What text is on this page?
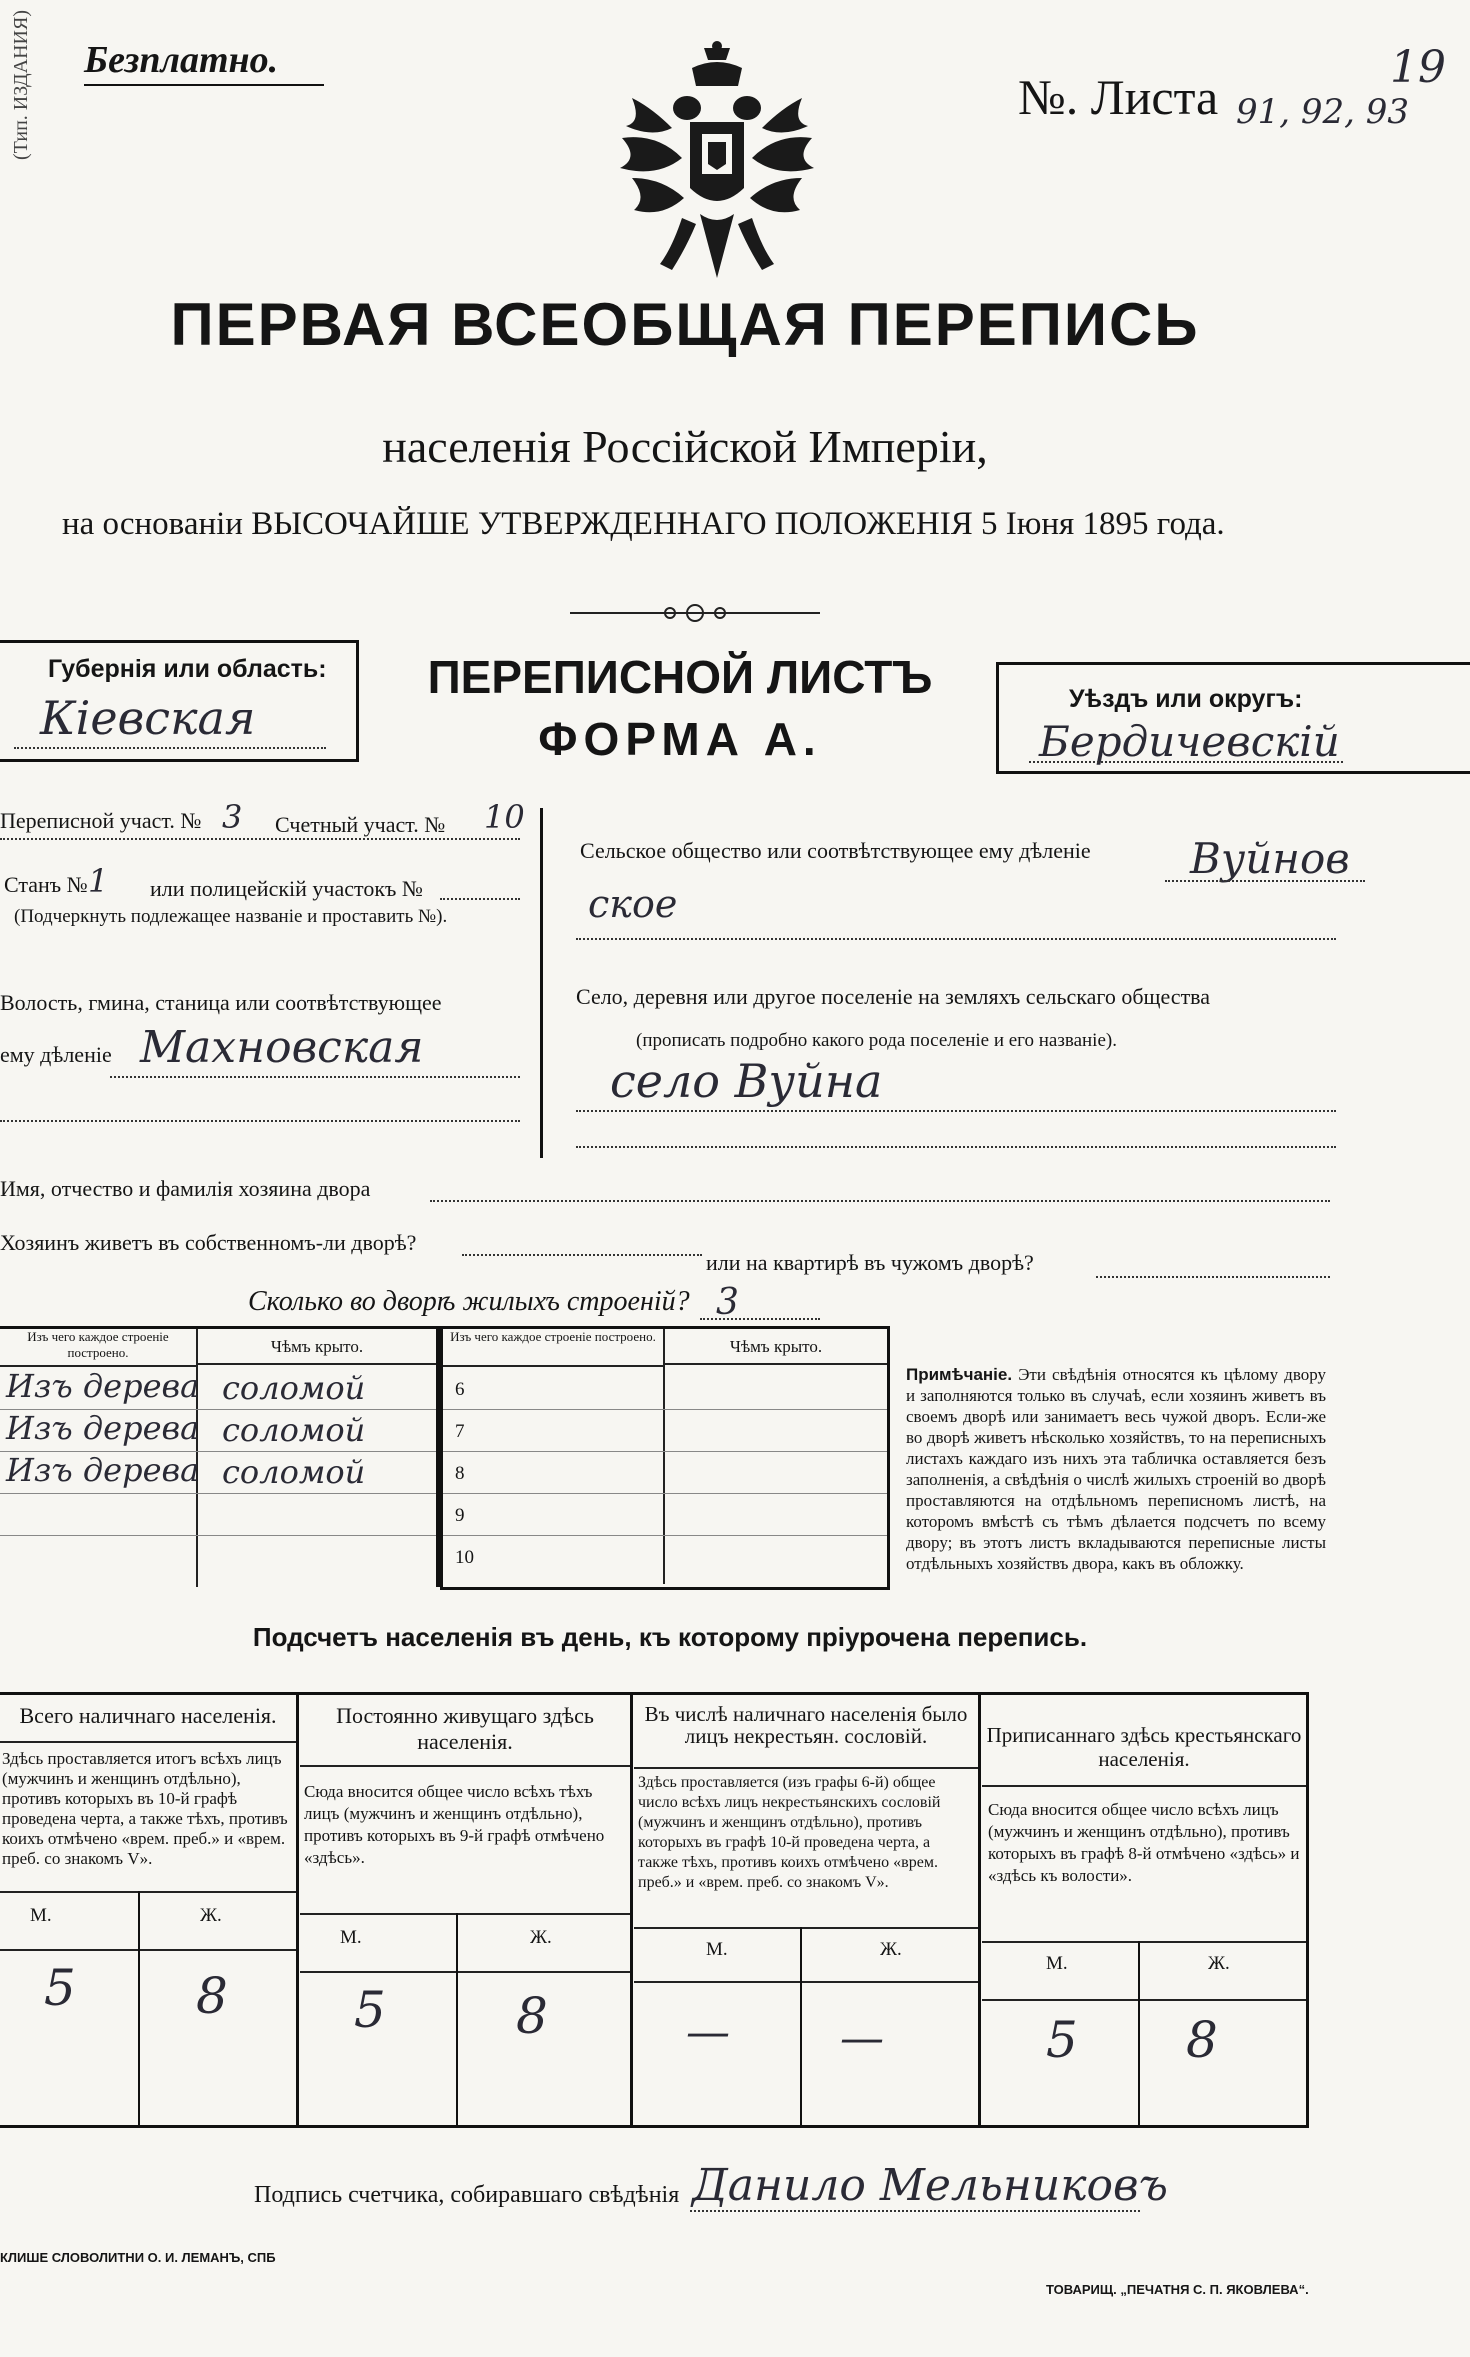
Безплатно.
(Тип. ИЗДАНИЯ)	№. Листа 91, 92, 93
19
ПЕРВАЯ ВСЕОБЩАЯ ПЕРЕПИСЬ
населенія Россійской Имперіи,
на основаніи ВЫСОЧАЙШЕ УТВЕРЖДЕННАГО ПОЛОЖЕНІЯ 5 Іюня 1895 года.
Губернія или область:
Кіевская
ПЕРЕПИСНОЙ ЛИСТЪ
ФОРМА А.
Уѣздъ или округъ:
Бердичевскій
Переписной участ. № 3 Счетный участ. № 10
Станъ № 1 или полицейскій участокъ №
(Подчеркнуть подлежащее названіе и проставить №).
Волость, гмина, станица или соотвѣтствующее
ему дѣленіе Махновская
Сельское общество или соотвѣтствующее ему дѣленіе Вуйнов
ское
Село, деревня или другое поселеніе на земляхъ сельскаго общества
(прописать подробно какого рода поселеніе и его названіе).
село Вуйна
Имя, отчество и фамилія хозяина двора
Хозяинъ живетъ въ собственномъ-ли дворѣ?
или на квартирѣ въ чужомъ дворѣ?
Сколько во дворѣ жилыхъ строеній? 3
Изъ чего каждое строеніе построено.	Чѣмъ крыто.
Изъ дерева соломой
Изъ дерева соломой
Изъ дерева соломой
Изъ чего каждое строеніе построено.
Чѣмъ крыто.
6
7
8
9
10
Примѣчаніе. Эти свѣдѣнія относятся къ цѣлому двору и заполняются только въ случаѣ, если хозяинъ живетъ въ своемъ дворѣ или занимаетъ весь чужой дворъ. Если-же во дворѣ живетъ нѣсколько хозяйствъ, то на переписныхъ листахъ каждаго изъ нихъ эта табличка оставляется безъ заполненія, а свѣдѣнія о числѣ жилыхъ строеній во дворѣ проставляются на отдѣльномъ переписномъ листѣ, на которомъ вмѣстѣ съ тѣмъ дѣлается подсчетъ по всему двору; въ этотъ листъ вкладываются переписные листы отдѣльныхъ хозяйствъ двора, какъ въ обложку.
Подсчетъ населенія въ день, къ которому пріурочена перепись.
Всего наличнаго населенія.
Здѣсь проставляется итогъ всѣхъ лицъ (мужчинъ и женщинъ отдѣльно), противъ которыхъ въ 10-й графѣ проведена черта, а также тѣхъ, противъ коихъ отмѣчено «врем. преб.» и «врем. преб. со знакомъ V».
М.	Ж.
5 8
Постоянно живущаго здѣсь населенія.
Сюда вносится общее число всѣхъ тѣхъ лицъ (мужчинъ и женщинъ отдѣльно), противъ которыхъ въ 9-й графѣ отмѣчено «здѣсь».
М.	Ж.
5	8
Въ числѣ наличнаго населенія было лицъ некрестьян. сословій.
Здѣсь проставляется (изъ графы 6-й) общее число всѣхъ лицъ некрестьянскихъ сословій (мужчинъ и женщинъ отдѣльно), противъ которыхъ въ графѣ 10-й проведена черта, а также тѣхъ, противъ коихъ отмѣчено «врем. преб.» и «врем. преб. со знакомъ V».
М.	Ж.
—	—
Приписаннаго здѣсь крестьянскаго населенія.
Сюда вносится общее число всѣхъ лицъ (мужчинъ и женщинъ отдѣльно), противъ которыхъ въ графѣ 8-й отмѣчено «здѣсь» и «здѣсь къ волости».
М.	Ж.
5 8
Подпись счетчика, собиравшаго свѣдѣнія Данило Мельниковъ
КЛИШЕ СЛОВОЛИТНИ О. И. ЛЕМАНЪ, СПБ
ТОВАРИЩ. „ПЕЧАТНЯ С. П. ЯКОВЛЕВА“.
